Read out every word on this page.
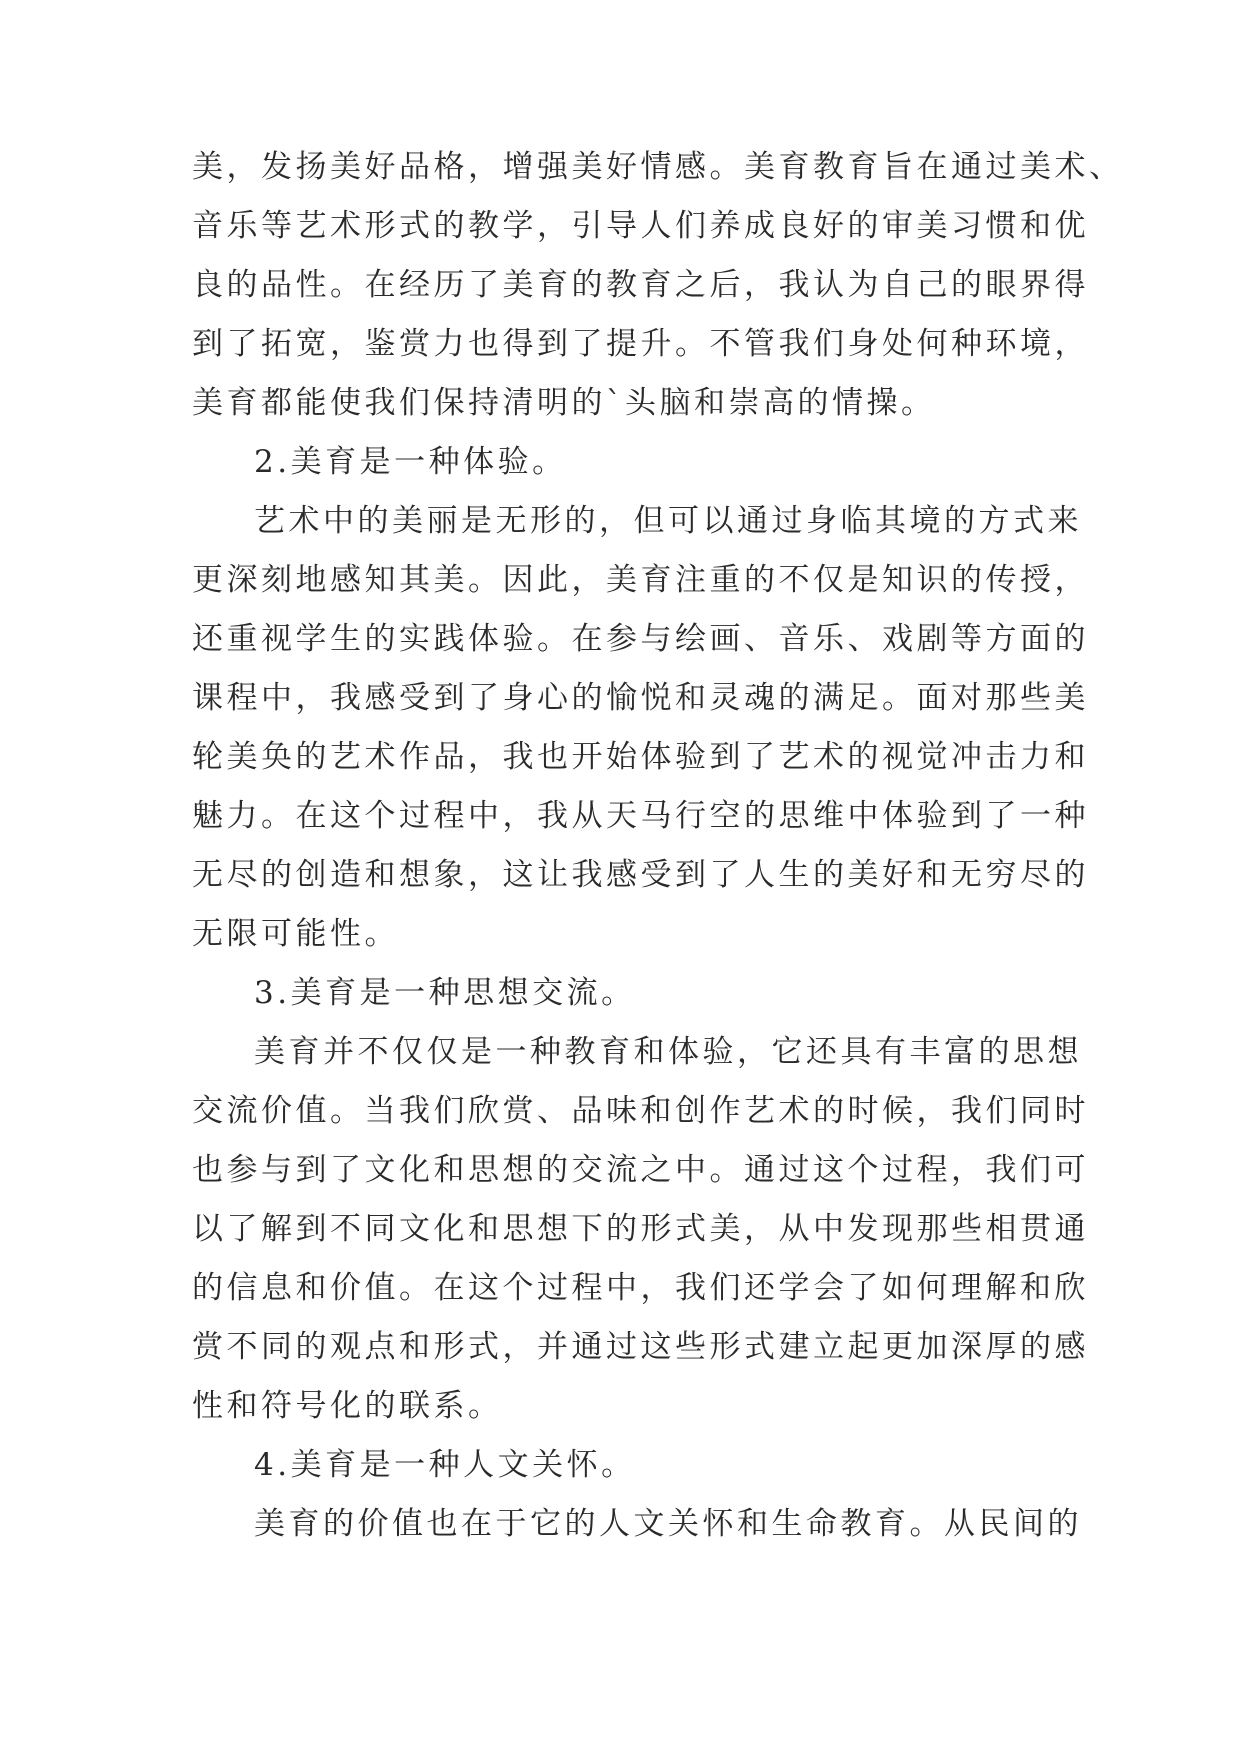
美，发扬美好品格，增强美好情感。美育教育旨在通过美术、
音乐等艺术形式的教学，引导人们养成良好的审美习惯和优
良的品性。在经历了美育的教育之后，我认为自己的眼界得
到了拓宽，鉴赏力也得到了提升。不管我们身处何种环境，
美育都能使我们保持清明的`头脑和崇高的情操。
2.美育是一种体验。
艺术中的美丽是无形的，但可以通过身临其境的方式来
更深刻地感知其美。因此，美育注重的不仅是知识的传授，
还重视学生的实践体验。在参与绘画、音乐、戏剧等方面的
课程中，我感受到了身心的愉悦和灵魂的满足。面对那些美
轮美奂的艺术作品，我也开始体验到了艺术的视觉冲击力和
魅力。在这个过程中，我从天马行空的思维中体验到了一种
无尽的创造和想象，这让我感受到了人生的美好和无穷尽的
无限可能性。
3.美育是一种思想交流。
美育并不仅仅是一种教育和体验，它还具有丰富的思想
交流价值。当我们欣赏、品味和创作艺术的时候，我们同时
也参与到了文化和思想的交流之中。通过这个过程，我们可
以了解到不同文化和思想下的形式美，从中发现那些相贯通
的信息和价值。在这个过程中，我们还学会了如何理解和欣
赏不同的观点和形式，并通过这些形式建立起更加深厚的感
性和符号化的联系。
4.美育是一种人文关怀。
美育的价值也在于它的人文关怀和生命教育。从民间的
